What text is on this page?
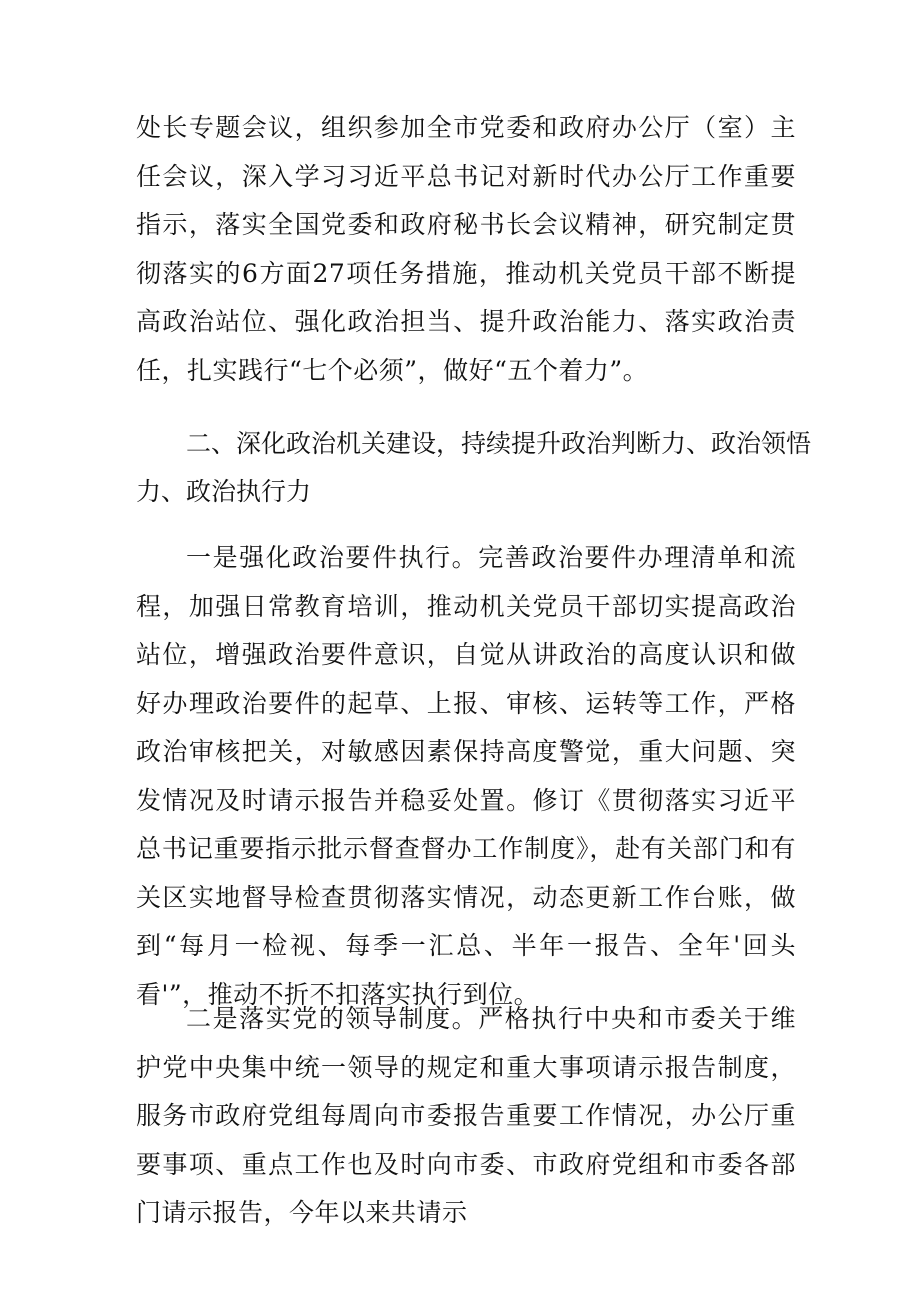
处长专题会议，组织参加全市党委和政府办公厅（室）主任会议，深入学习习近平总书记对新时代办公厅工作重要指示，落实全国党委和政府秘书长会议精神，研究制定贯彻落实的6方面27项任务措施，推动机关党员干部不断提高政治站位、强化政治担当、提升政治能力、落实政治责任，扎实践行“七个必须”，做好“五个着力”。

二、深化政治机关建设，持续提升政治判断力、政治领悟力、政治执行力

一是强化政治要件执行。完善政治要件办理清单和流程，加强日常教育培训，推动机关党员干部切实提高政治站位，增强政治要件意识，自觉从讲政治的高度认识和做好办理政治要件的起草、上报、审核、运转等工作，严格政治审核把关，对敏感因素保持高度警觉，重大问题、突发情况及时请示报告并稳妥处置。修订《贯彻落实习近平总书记重要指示批示督查督办工作制度》，赴有关部门和有关区实地督导检查贯彻落实情况，动态更新工作台账，做到“每月一检视、每季一汇总、半年一报告、全年'回头看'”，推动不折不扣落实执行到位。

二是落实党的领导制度。严格执行中央和市委关于维护党中央集中统一领导的规定和重大事项请示报告制度，服务市政府党组每周向市委报告重要工作情况，办公厅重要事项、重点工作也及时向市委、市政府党组和市委各部门请示报告，今年以来共请示
